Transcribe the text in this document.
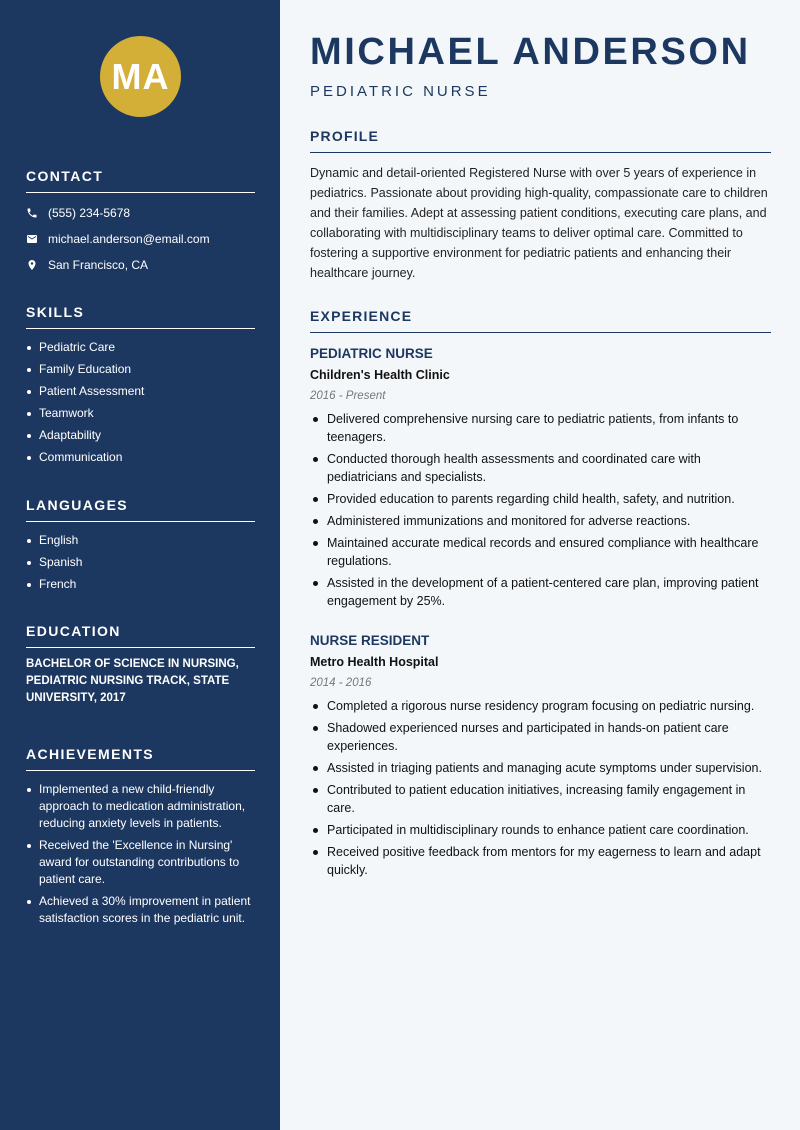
MA
CONTACT
(555) 234-5678
michael.anderson@email.com
San Francisco, CA
SKILLS
Pediatric Care
Family Education
Patient Assessment
Teamwork
Adaptability
Communication
LANGUAGES
English
Spanish
French
EDUCATION
BACHELOR OF SCIENCE IN NURSING, PEDIATRIC NURSING TRACK, STATE UNIVERSITY, 2017
ACHIEVEMENTS
Implemented a new child-friendly approach to medication administration, reducing anxiety levels in patients.
Received the 'Excellence in Nursing' award for outstanding contributions to patient care.
Achieved a 30% improvement in patient satisfaction scores in the pediatric unit.
MICHAEL ANDERSON
PEDIATRIC NURSE
PROFILE

Dynamic and detail-oriented Registered Nurse with over 5 years of experience in pediatrics. Passionate about providing high-quality, compassionate care to children and their families. Adept at assessing patient conditions, executing care plans, and collaborating with multidisciplinary teams to deliver optimal care. Committed to fostering a supportive environment for pediatric patients and enhancing their healthcare journey.

EXPERIENCE
PEDIATRIC NURSE
Children's Health Clinic
2016 - Present
Delivered comprehensive nursing care to pediatric patients, from infants to teenagers.
Conducted thorough health assessments and coordinated care with pediatricians and specialists.
Provided education to parents regarding child health, safety, and nutrition.
Administered immunizations and monitored for adverse reactions.
Maintained accurate medical records and ensured compliance with healthcare regulations.
Assisted in the development of a patient-centered care plan, improving patient engagement by 25%.
NURSE RESIDENT
Metro Health Hospital
2014 - 2016
Completed a rigorous nurse residency program focusing on pediatric nursing.
Shadowed experienced nurses and participated in hands-on patient care experiences.
Assisted in triaging patients and managing acute symptoms under supervision.
Contributed to patient education initiatives, increasing family engagement in care.
Participated in multidisciplinary rounds to enhance patient care coordination.
Received positive feedback from mentors for my eagerness to learn and adapt quickly.
